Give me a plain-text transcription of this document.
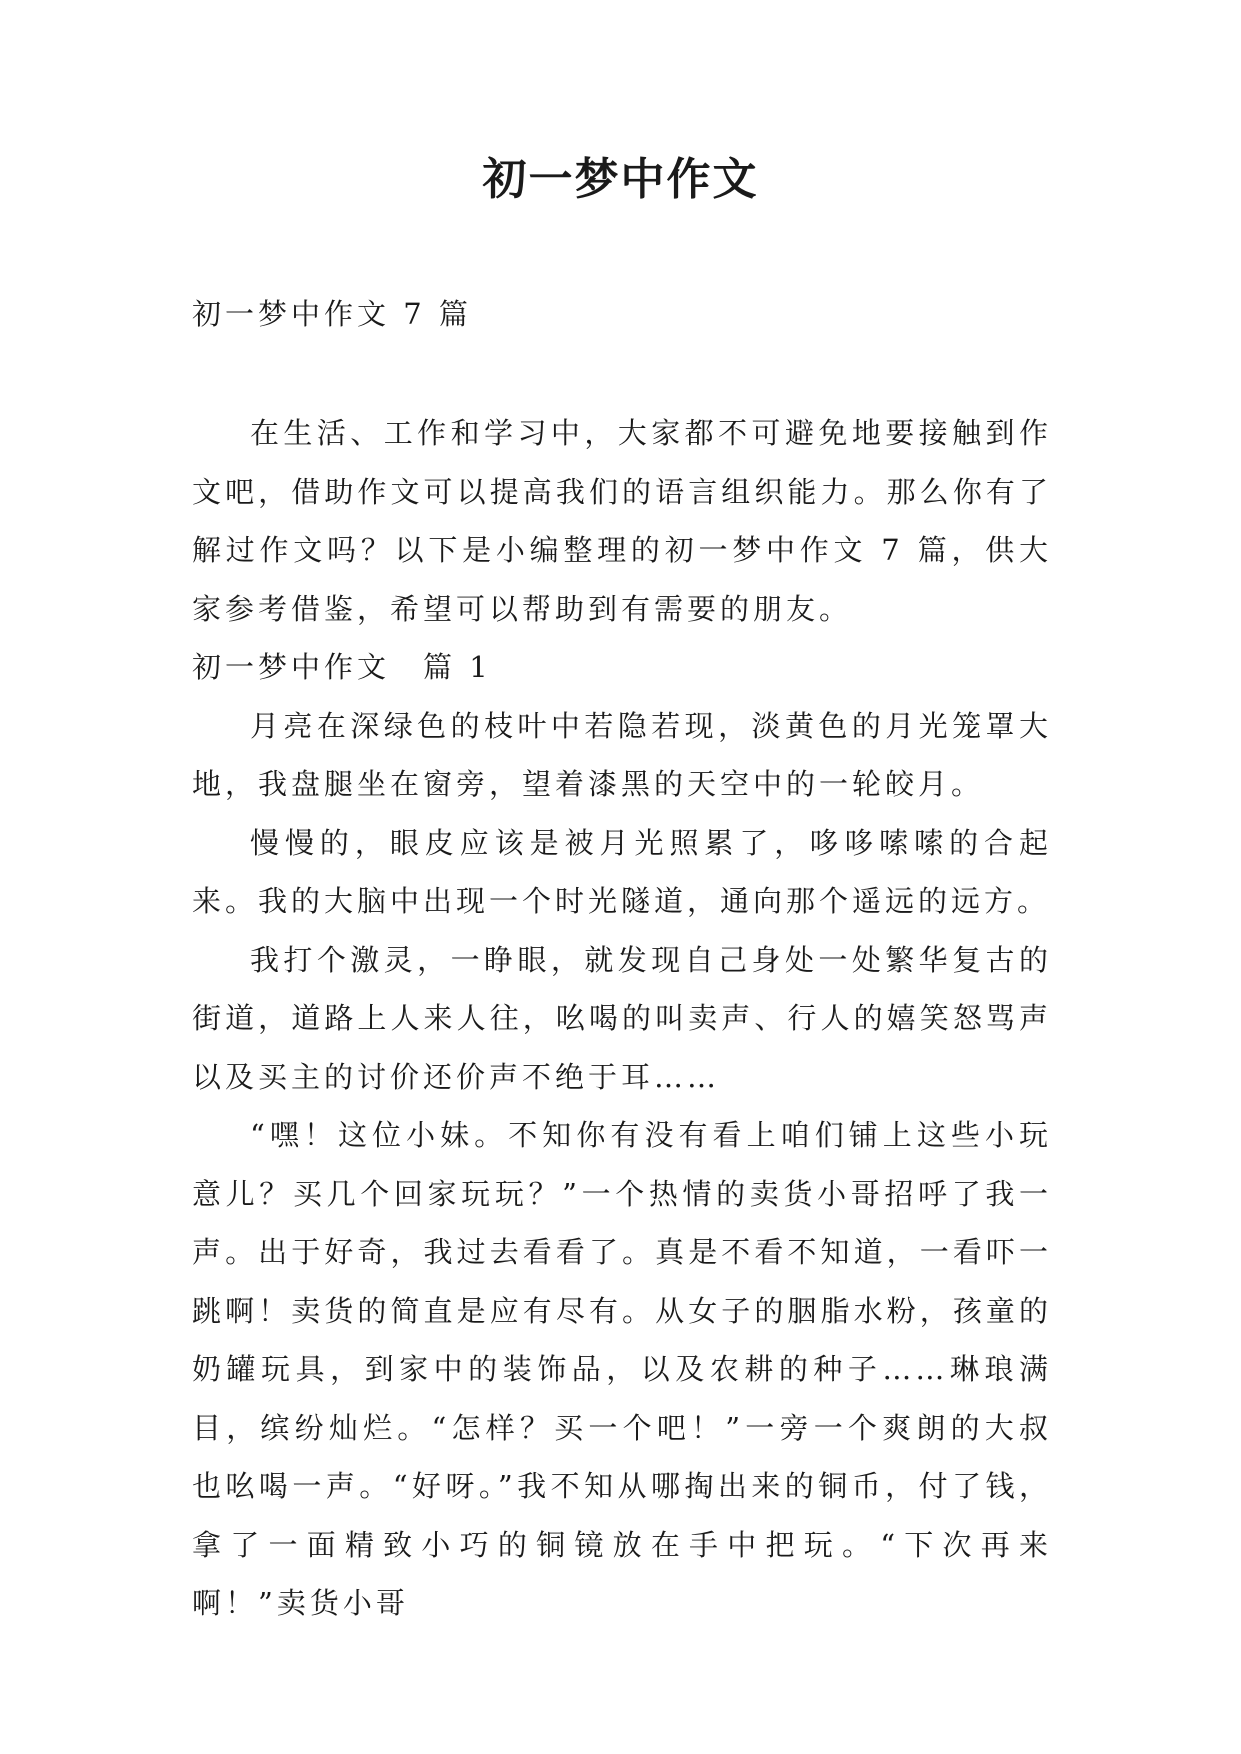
初一梦中作文
初一梦中作文 7 篇

在生活、工作和学习中，大家都不可避免地要接触到作文吧，借助作文可以提高我们的语言组织能力。那么你有了解过作文吗？以下是小编整理的初一梦中作文 7 篇，供大家参考借鉴，希望可以帮助到有需要的朋友。

初一梦中作文　篇 1

月亮在深绿色的枝叶中若隐若现，淡黄色的月光笼罩大地，我盘腿坐在窗旁，望着漆黑的天空中的一轮皎月。

慢慢的，眼皮应该是被月光照累了，哆哆嗦嗦的合起来。我的大脑中出现一个时光隧道，通向那个遥远的远方。

我打个激灵，一睁眼，就发现自己身处一处繁华复古的街道，道路上人来人往，吆喝的叫卖声、行人的嬉笑怒骂声以及买主的讨价还价声不绝于耳……

“嘿！这位小妹。不知你有没有看上咱们铺上这些小玩意儿？买几个回家玩玩？”一个热情的卖货小哥招呼了我一声。出于好奇，我过去看看了。真是不看不知道，一看吓一跳啊！卖货的简直是应有尽有。从女子的胭脂水粉，孩童的奶罐玩具，到家中的装饰品，以及农耕的种子……琳琅满目，缤纷灿烂。“怎样？买一个吧！”一旁一个爽朗的大叔也吆喝一声。“好呀。”我不知从哪掏出来的铜币，付了钱，拿了一面精致小巧的铜镜放在手中把玩。“下次再来啊！”卖货小哥
